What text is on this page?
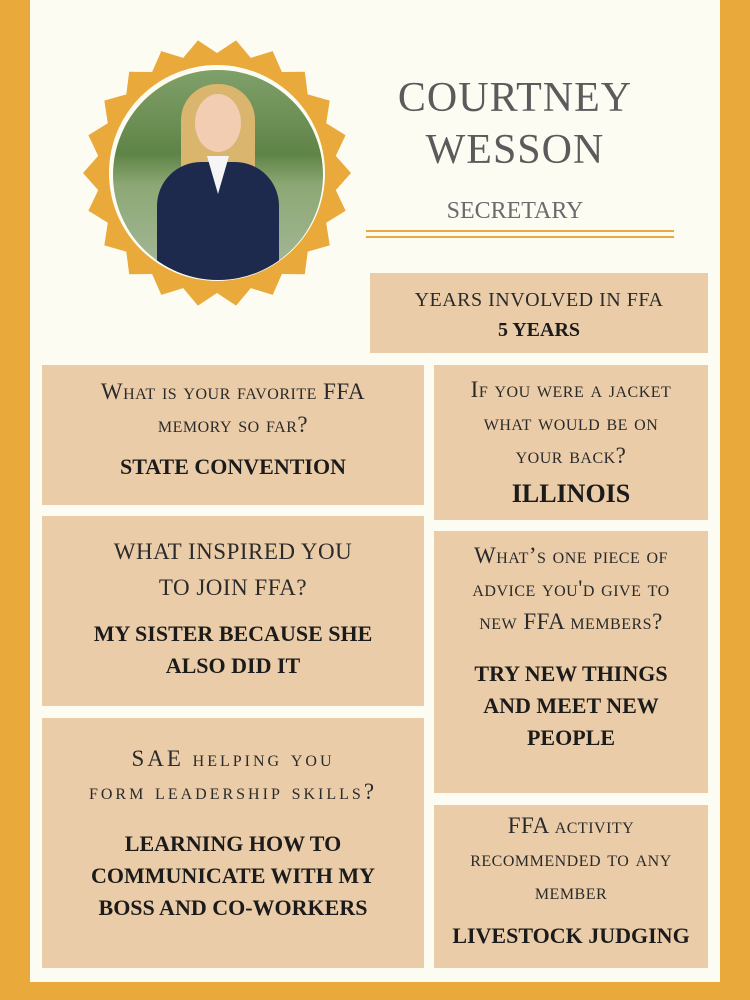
COURTNEY
WESSON
SECRETARY
YEARS INVOLVED IN FFA
5 YEARS
What is your favorite FFA
memory so far?
STATE CONVENTION
If you were a jacket
what would be on
your back?
ILLINOIS
WHAT INSPIRED YOU
TO JOIN FFA?
MY SISTER BECAUSE SHE
ALSO DID IT
What’s one piece of
advice you'd give to
new FFA members?
TRY NEW THINGS
AND MEET NEW
PEOPLE
SAE helping you
form leadership skills?
LEARNING HOW TO
COMMUNICATE WITH MY
BOSS AND CO-WORKERS
FFA activity
recommended to any
member
LIVESTOCK JUDGING
